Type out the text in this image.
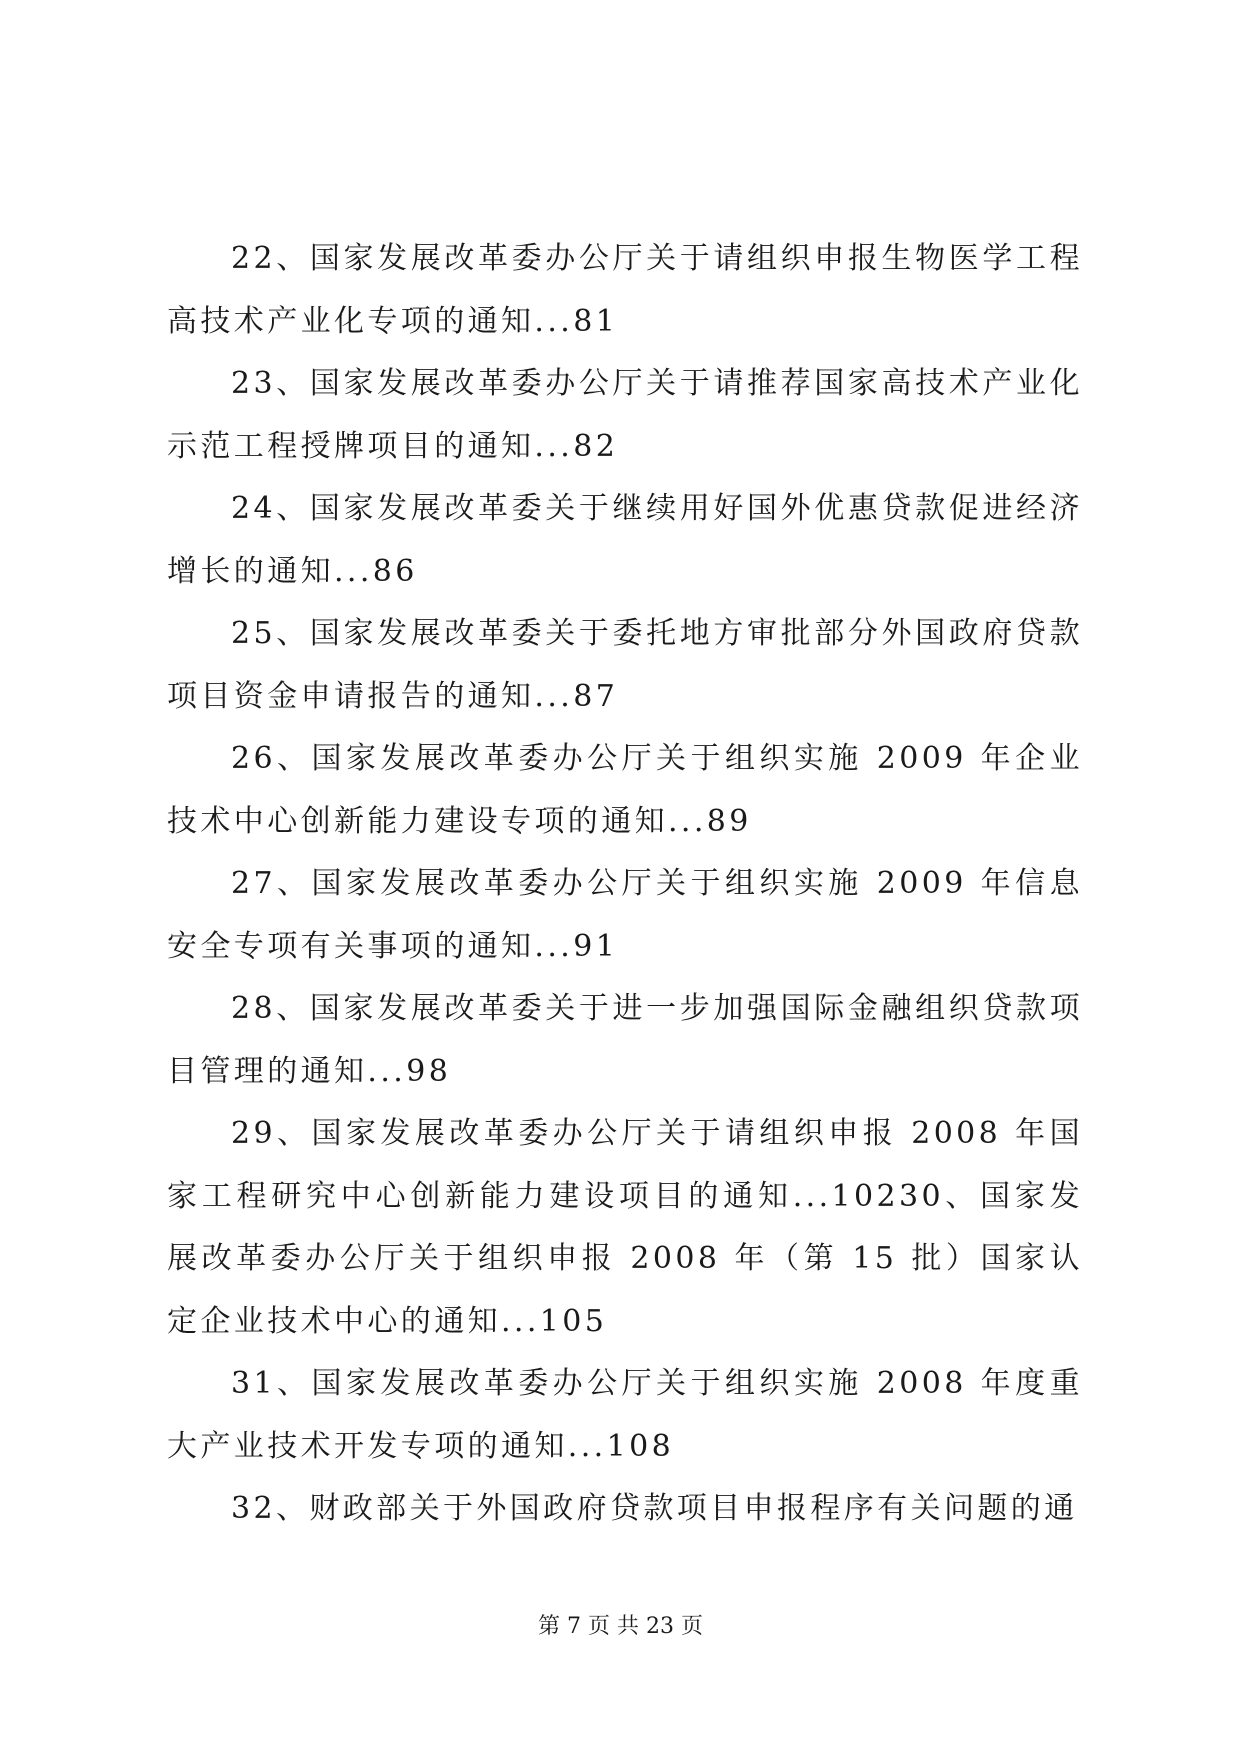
22、国家发展改革委办公厅关于请组织申报生物医学工程高技术产业化专项的通知...81

23、国家发展改革委办公厅关于请推荐国家高技术产业化示范工程授牌项目的通知...82

24、国家发展改革委关于继续用好国外优惠贷款促进经济增长的通知...86

25、国家发展改革委关于委托地方审批部分外国政府贷款项目资金申请报告的通知...87

26、国家发展改革委办公厅关于组织实施 2009 年企业技术中心创新能力建设专项的通知...89

27、国家发展改革委办公厅关于组织实施 2009 年信息安全专项有关事项的通知...91

28、国家发展改革委关于进一步加强国际金融组织贷款项目管理的通知...98

29、国家发展改革委办公厅关于请组织申报 2008 年国家工程研究中心创新能力建设项目的通知...10230、国家发展改革委办公厅关于组织申报 2008 年（第 15 批）国家认定企业技术中心的通知...105

31、国家发展改革委办公厅关于组织实施 2008 年度重大产业技术开发专项的通知...108

32、财政部关于外国政府贷款项目申报程序有关问题的通

第 7 页 共 23 页
